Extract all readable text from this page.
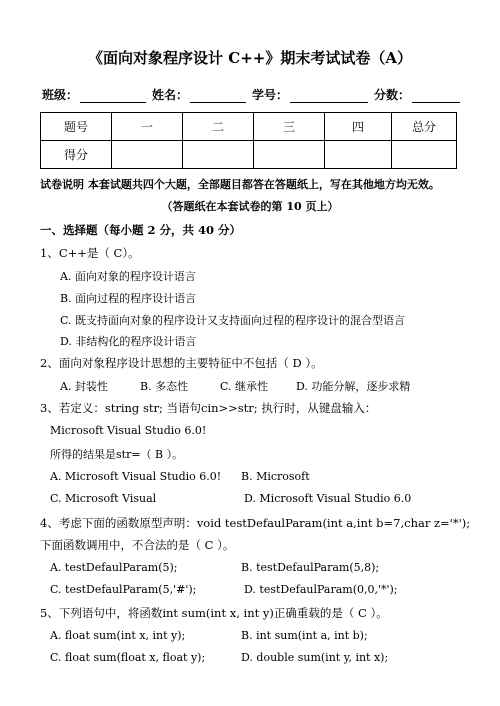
《面向对象程序设计 C++》期末考试试卷（A）
班级：	姓名：	学号：	分数：
题号	一	二	三	四	总分
得分					
试卷说明 本套试题共四个大题，全部题目都答在答题纸上，写在其他地方均无效。
（答题纸在本套试卷的第 10 页上）
一、选择题（每小题 2 分，共 40 分）
1、C++是（ C）。
A. 面向对象的程序设计语言
B. 面向过程的程序设计语言
C. 既支持面向对象的程序设计又支持面向过程的程序设计的混合型语言
D. 非结构化的程序设计语言
2、面向对象程序设计思想的主要特征中不包括（ D ）。
A. 封装性	B. 多态性	C. 继承性	D. 功能分解，逐步求精
3、若定义：string str; 当语句cin>>str; 执行时，从键盘输入：
Microsoft Visual Studio 6.0!
所得的结果是str=（ B ）。
A. Microsoft Visual Studio 6.0! B. Microsoft
C. Microsoft Visual	D. Microsoft Visual Studio 6.0
4、考虑下面的函数原型声明：void testDefaulParam(int a,int b=7,char z='*');
下面函数调用中，不合法的是（ C ）。
A. testDefaulParam(5);	B. testDefaulParam(5,8);
C. testDefaulParam(5,'#');	D. testDefaulParam(0,0,'*');
5、下列语句中，将函数int sum(int x, int y)正确重载的是（ C ）。
A. float sum(int x, int y);	B. int sum(int a, int b);
C. float sum(float x, float y);	D. double sum(int y, int x);
